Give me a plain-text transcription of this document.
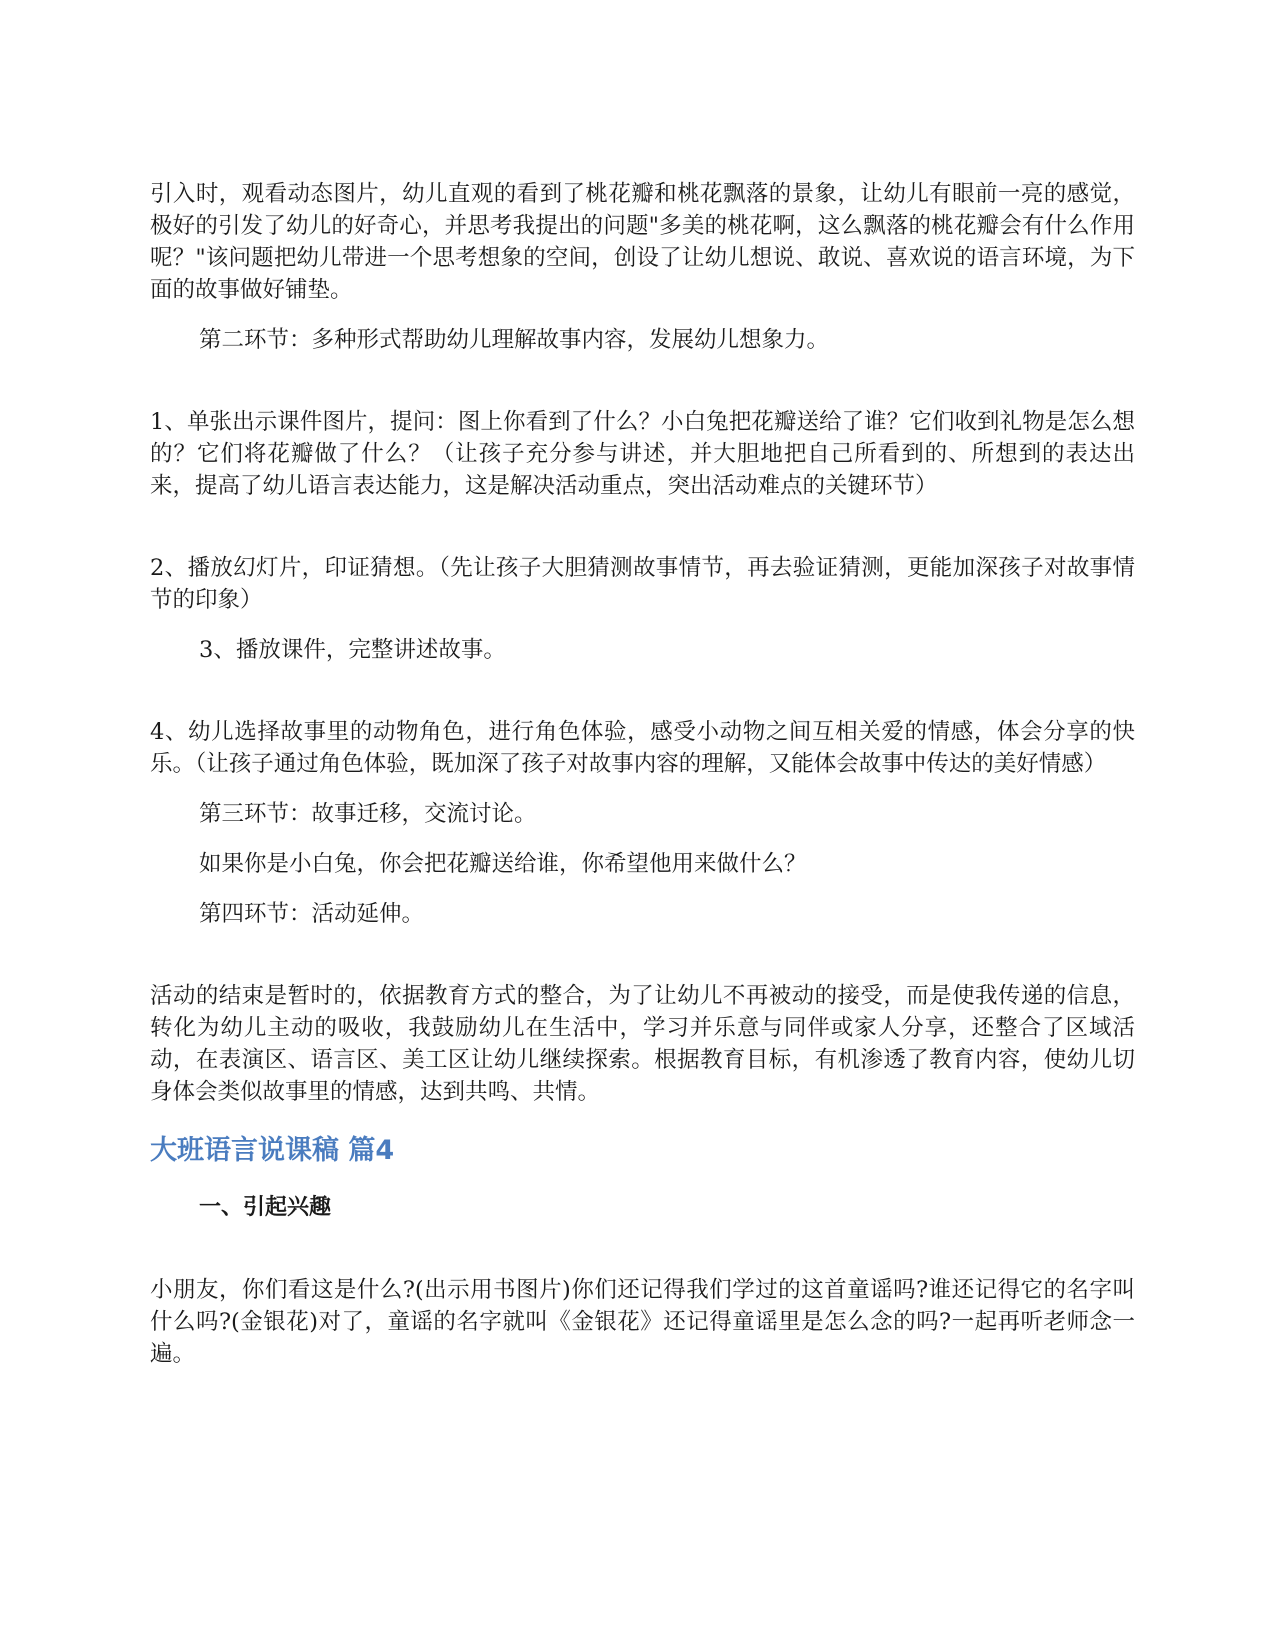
引入时，观看动态图片，幼儿直观的看到了桃花瓣和桃花飘落的景象，让幼儿有眼前一亮的感觉，极好的引发了幼儿的好奇心，并思考我提出的问题"多美的桃花啊，这么飘落的桃花瓣会有什么作用呢？"该问题把幼儿带进一个思考想象的空间，创设了让幼儿想说、敢说、喜欢说的语言环境，为下面的故事做好铺垫。

第二环节：多种形式帮助幼儿理解故事内容，发展幼儿想象力。

1、单张出示课件图片，提问：图上你看到了什么？小白兔把花瓣送给了谁？它们收到礼物是怎么想的？它们将花瓣做了什么？（让孩子充分参与讲述，并大胆地把自己所看到的、所想到的表达出来，提高了幼儿语言表达能力，这是解决活动重点，突出活动难点的关键环节）

2、播放幻灯片，印证猜想。（先让孩子大胆猜测故事情节，再去验证猜测，更能加深孩子对故事情节的印象）

3、播放课件，完整讲述故事。

4、幼儿选择故事里的动物角色，进行角色体验，感受小动物之间互相关爱的情感，体会分享的快乐。（让孩子通过角色体验，既加深了孩子对故事内容的理解，又能体会故事中传达的美好情感）

第三环节：故事迁移，交流讨论。

如果你是小白兔，你会把花瓣送给谁，你希望他用来做什么？

第四环节：活动延伸。

活动的结束是暂时的，依据教育方式的整合，为了让幼儿不再被动的接受，而是使我传递的信息，转化为幼儿主动的吸收，我鼓励幼儿在生活中，学习并乐意与同伴或家人分享，还整合了区域活动，在表演区、语言区、美工区让幼儿继续探索。根据教育目标，有机渗透了教育内容，使幼儿切身体会类似故事里的情感，达到共鸣、共情。

大班语言说课稿 篇4
一、引起兴趣

小朋友，你们看这是什么?(出示用书图片)你们还记得我们学过的这首童谣吗?谁还记得它的名字叫什么吗?(金银花)对了，童谣的名字就叫《金银花》还记得童谣里是怎么念的吗?一起再听老师念一遍。
